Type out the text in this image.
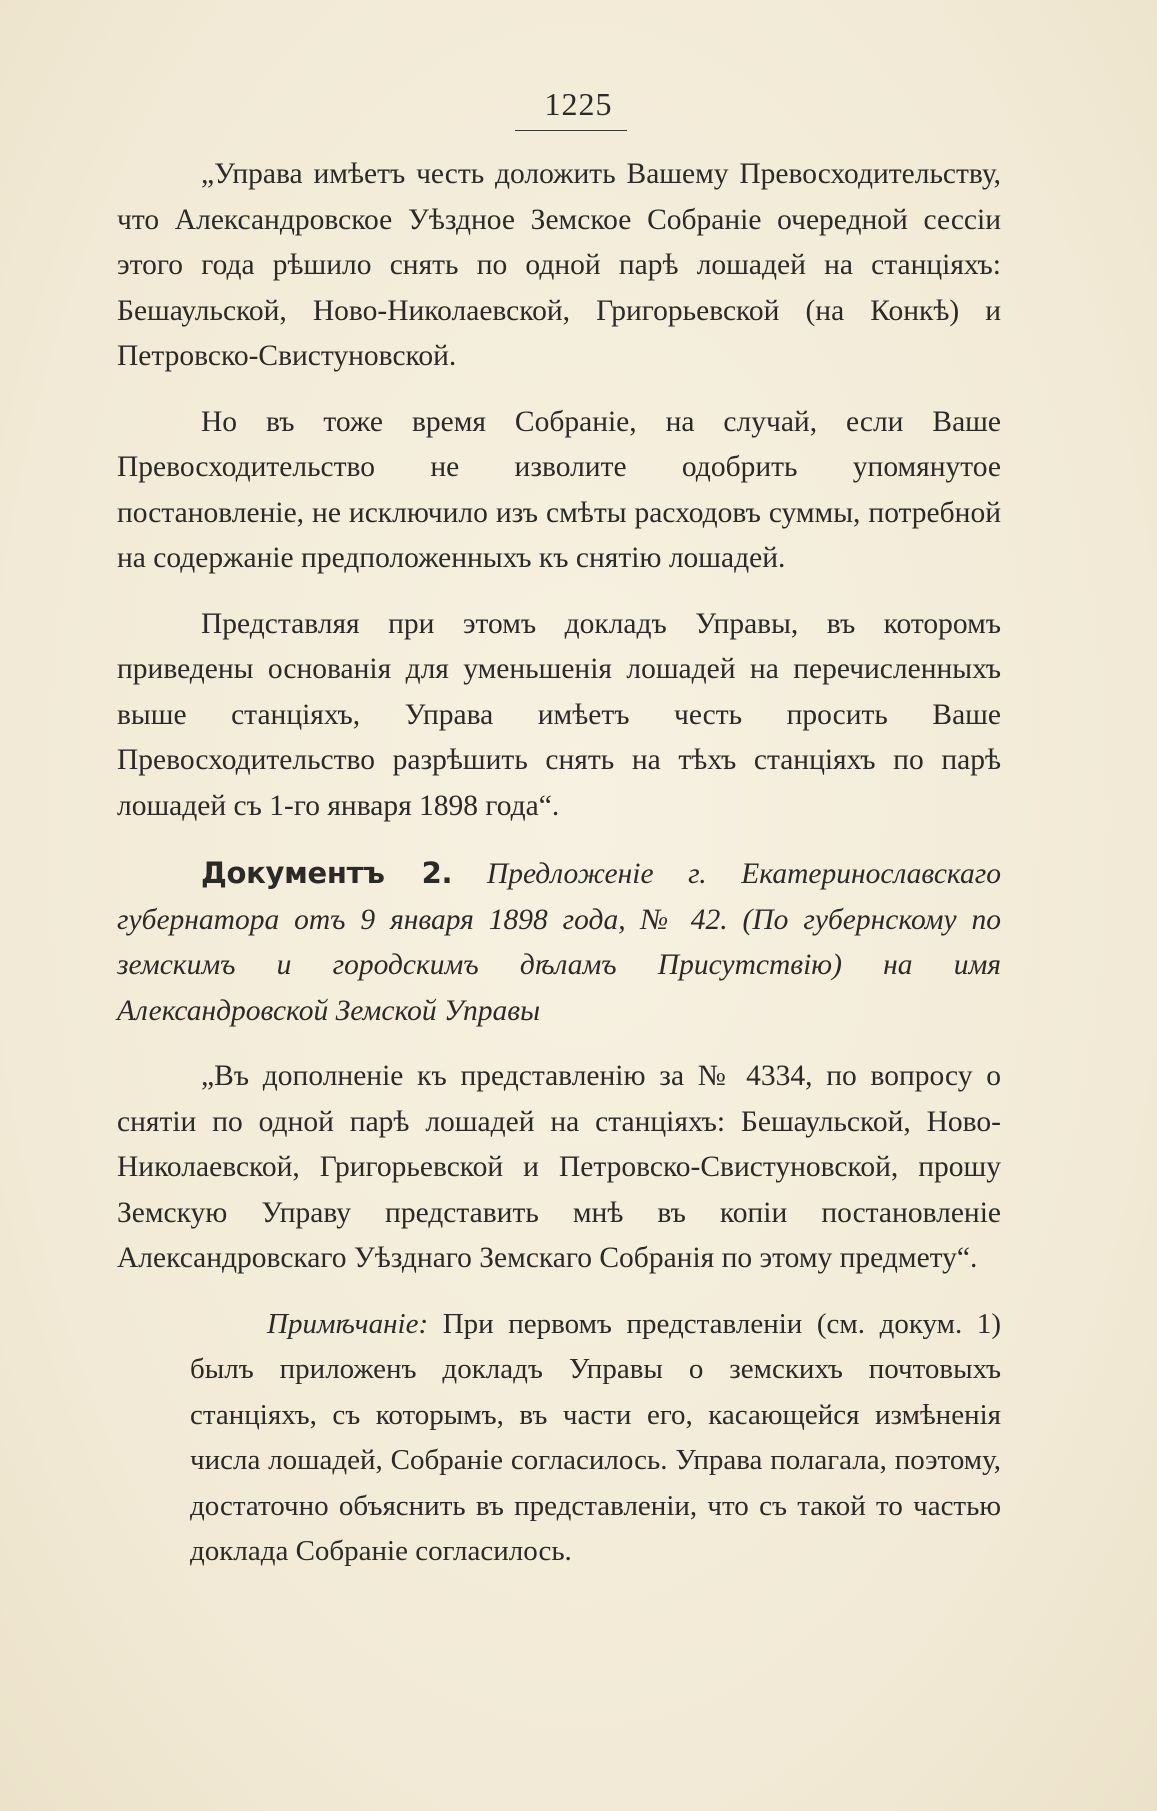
1225

„Управа имѣетъ честь доложить Вашему Превосходительству, что Александровское Уѣздное Земское Собраніе очередной сессіи этого года рѣшило снять по одной парѣ лошадей на станціяхъ: Бешаульской, Ново-Николаевской, Григорьевской (на Конкѣ) и Петровско-Свистуновской.

Но въ тоже время Собраніе, на случай, если Ваше Превосходительство не изволите одобрить упомянутое постановленіе, не исключило изъ смѣты расходовъ суммы, потребной на содержаніе предположенныхъ къ снятію лошадей.

Представляя при этомъ докладъ Управы, въ которомъ приведены основанія для уменьшенія лошадей на перечисленныхъ выше станціяхъ, Управа имѣетъ честь просить Ваше Превосходительство разрѣшить снять на тѣхъ станціяхъ по парѣ лошадей съ 1-го января 1898 года“.

Документъ 2. Предложеніе г. Екатеринославскаго губернатора отъ 9 января 1898 года, № 42. (По губернскому по земскимъ и городскимъ дѣламъ Присутствію) на имя Александровской Земской Управы

„Въ дополненіе къ представленію за № 4334, по вопросу о снятіи по одной парѣ лошадей на станціяхъ: Бешаульской, Ново-Николаевской, Григорьевской и Петровско-Свистуновской, прошу Земскую Управу представить мнѣ въ копіи постановленіе Александровскаго Уѣзднаго Земскаго Собранія по этому предмету“.

Примѣчаніе: При первомъ представленіи (см. докум. 1) былъ приложенъ докладъ Управы о земскихъ почтовыхъ станціяхъ, съ которымъ, въ части его, касающейся измѣненія числа лошадей, Собраніе согласилось. Управа полагала, поэтому, достаточно объяснить въ представленіи, что съ такой то частью доклада Собраніе согласилось.
